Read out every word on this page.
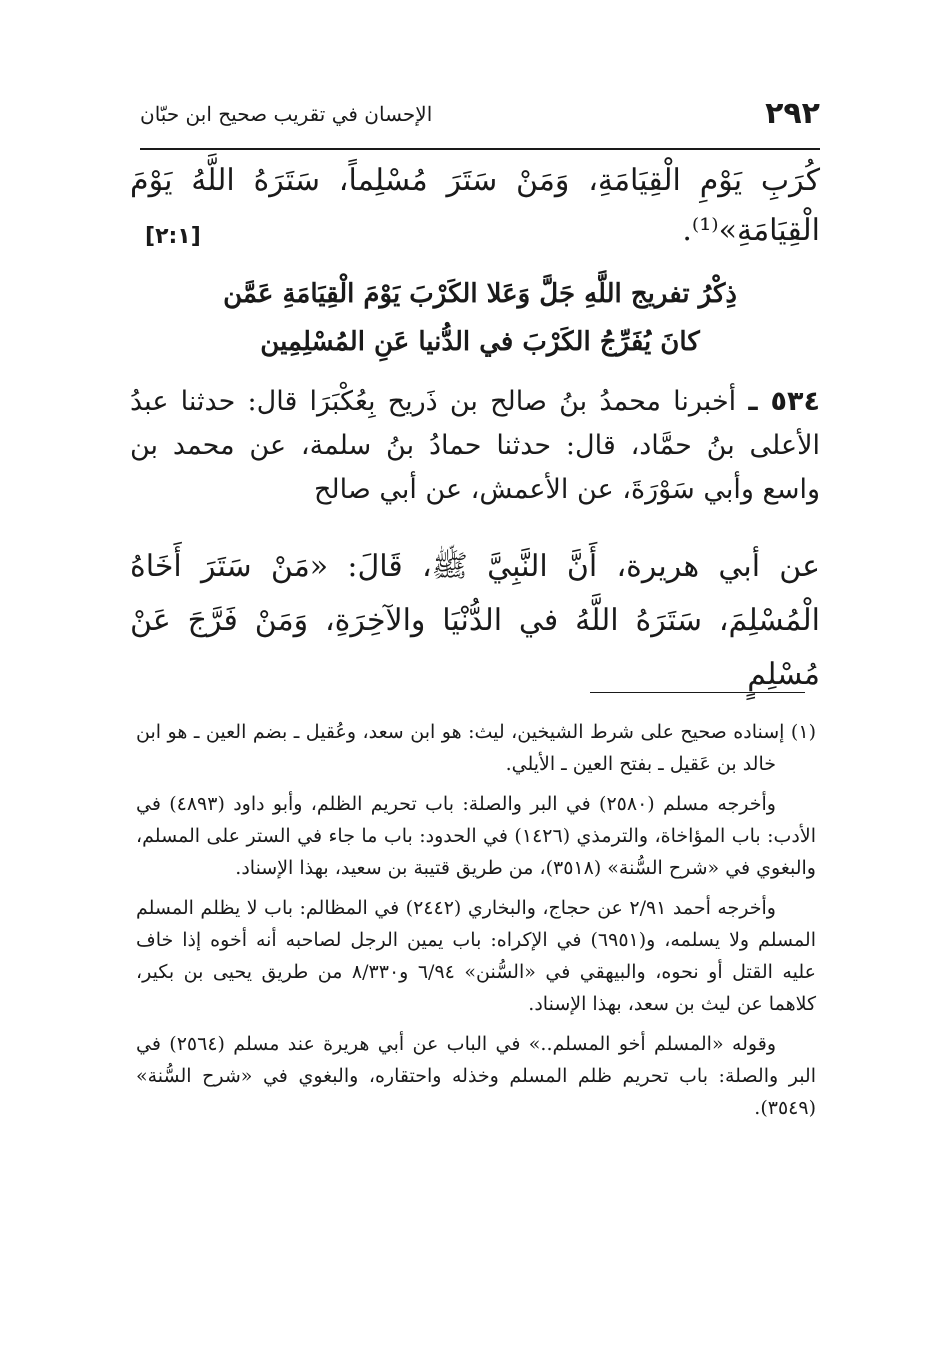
٢٩٢
الإحسان في تقريب صحيح ابن حبّان
كُرَبِ يَوْمِ الْقِيَامَةِ، وَمَنْ سَتَرَ مُسْلِماً، سَتَرَهُ اللَّهُ يَوْمَ الْقِيَامَةِ»⁽¹⁾.
[٢:١]
ذِكْرُ تفريج اللَّهِ جَلَّ وَعَلا الكَرْبَ يَوْمَ الْقِيَامَةِ عَمَّن
كانَ يُفَرِّجُ الكَرْبَ في الدُّنيا عَنِ المُسْلِمِين
٥٣٤ ـ أخبرنا محمدُ بنُ صالح بن ذَريح بِعُكْبَرَا قال: حدثنا عبدُ الأعلى بنُ حمَّاد، قال: حدثنا حمادُ بنُ سلمة، عن محمد بن واسع وأبي سَوْرَةَ، عن الأعمش، عن أبي صالح
عن أبي هريرة، أَنَّ النَّبِيَّ ﷺ، قَالَ: «مَنْ سَتَرَ أَخَاهُ الْمُسْلِمَ، سَتَرَهُ اللَّهُ في الدُّنْيَا والآخِرَةِ، وَمَنْ فَرَّجَ عَنْ مُسْلِمٍ

(١) إسناده صحيح على شرط الشيخين، ليث: هو ابن سعد، وعُقيل ـ بضم العين ـ هو ابن خالد بن عَقيل ـ بفتح العين ـ الأيلي.

وأخرجه مسلم (٢٥٨٠) في البر والصلة: باب تحريم الظلم، وأبو داود (٤٨٩٣) في الأدب: باب المؤاخاة، والترمذي (١٤٢٦) في الحدود: باب ما جاء في الستر على المسلم، والبغوي في «شرح السُّنة» (٣٥١٨)، من طريق قتيبة بن سعيد، بهذا الإسناد.

وأخرجه أحمد ٢/٩١ عن حجاج، والبخاري (٢٤٤٢) في المظالم: باب لا يظلم المسلم المسلم ولا يسلمه، و(٦٩٥١) في الإكراه: باب يمين الرجل لصاحبه أنه أخوه إذا خاف عليه القتل أو نحوه، والبيهقي في «السُّنن» ٦/٩٤ و٨/٣٣٠ من طريق يحيى بن بكير، كلاهما عن ليث بن سعد، بهذا الإسناد.

وقوله «المسلم أخو المسلم..» في الباب عن أبي هريرة عند مسلم (٢٥٦٤) في البر والصلة: باب تحريم ظلم المسلم وخذله واحتقاره، والبغوي في «شرح السُّنة» (٣٥٤٩).
